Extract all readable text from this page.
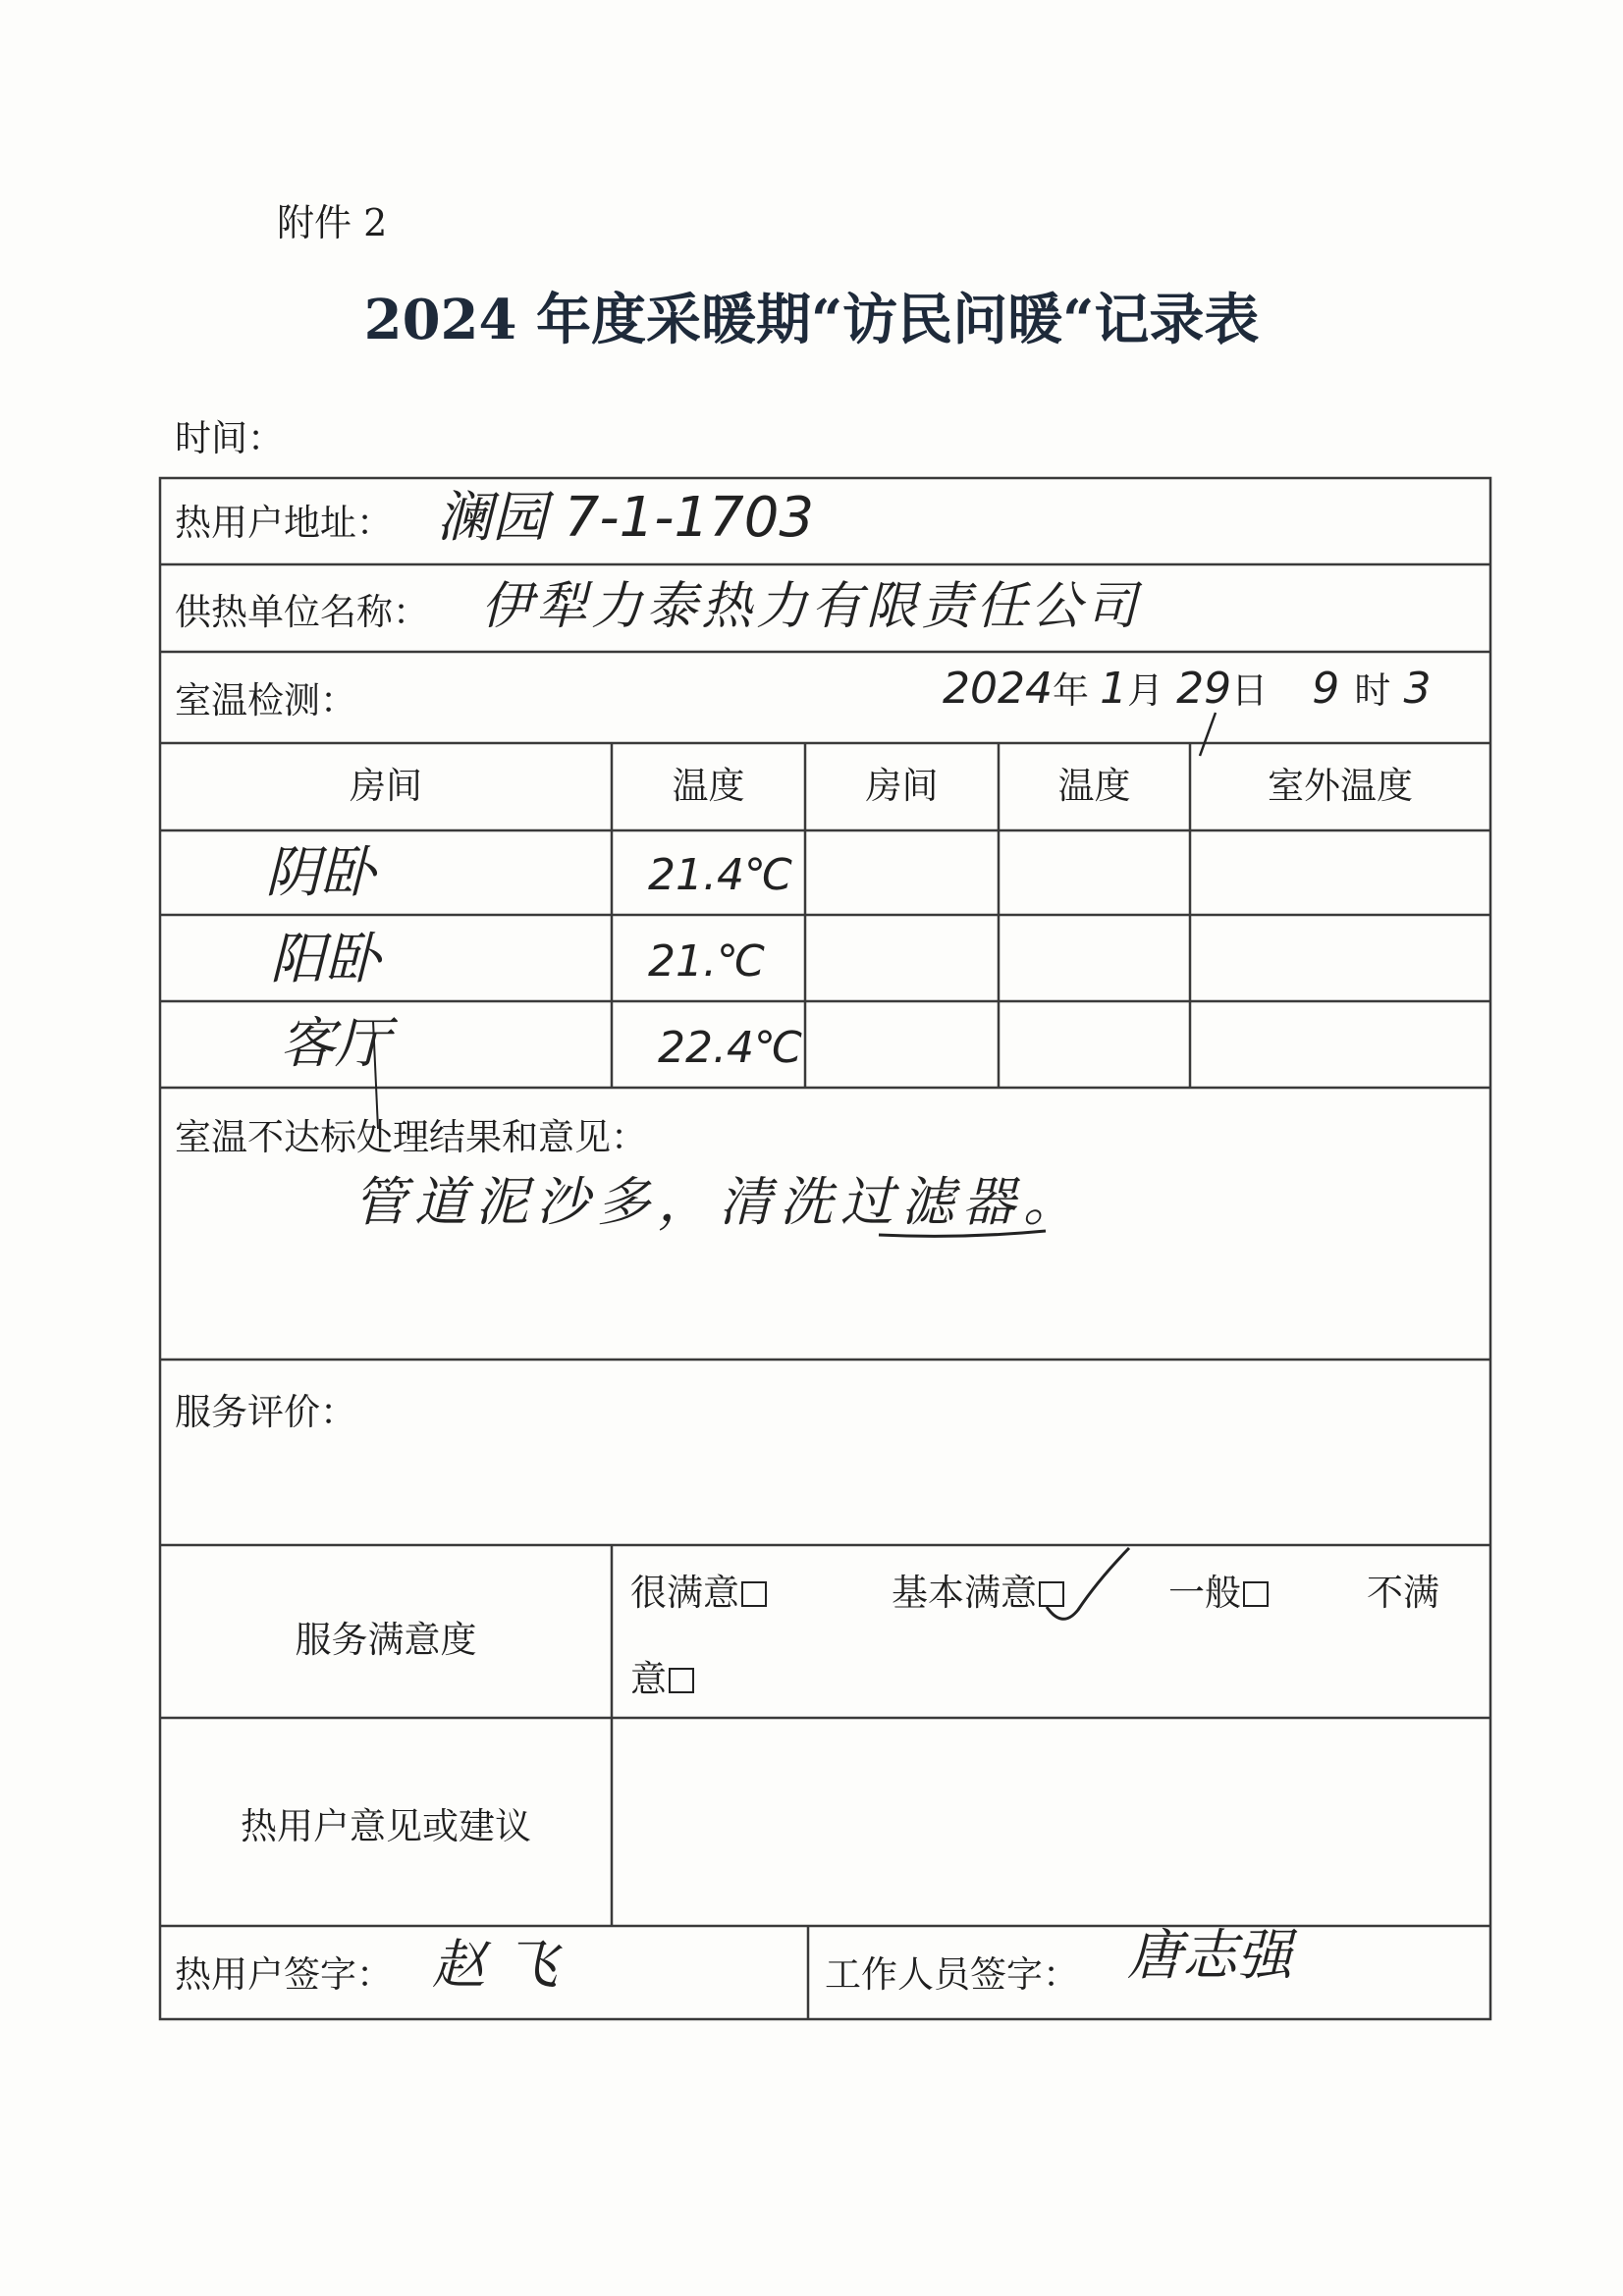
附件 2
2024 年度采暖期“访民问暖“记录表
时间：
热用户地址： 澜园 7-1-1703
供热单位名称： 伊犁力泰热力有限责任公司
室温检测：	2024年 1月 29日 9 时 3
房间	温度	房间	温度	室外温度
阴卧	21.4℃
阳卧	21.℃
客厅	22.4℃
室温不达标处理结果和意见：
管道泥沙多，清洗过滤器。
服务评价：
服务满意度
很满意	基本满意	一般	不满
意
热用户意见或建议
热用户签字： 赵飞	工作人员签字： 唐志强
